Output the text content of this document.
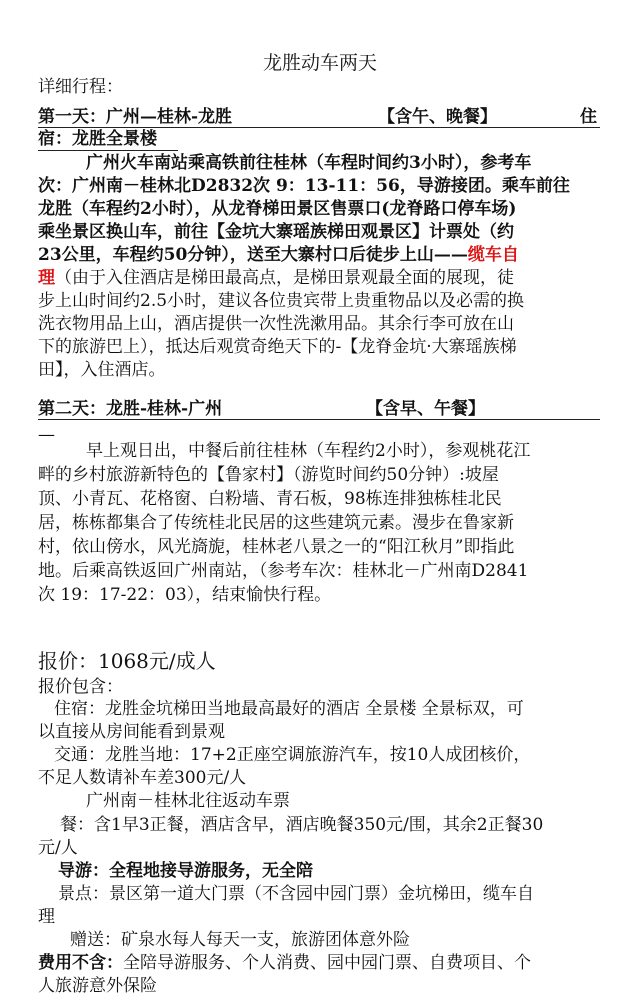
龙胜动车两天
详细行程：
第一天：广州—桂林-龙胜	【含午、晚餐】	住
宿：龙胜全景楼
广州火车南站乘高铁前往桂林（车程时间约3小时），参考车
次：广州南－桂林北D2832次 9：13-11：56，导游接团。乘车前往
龙胜（车程约2小时），从龙脊梯田景区售票口(龙脊路口停车场)
乘坐景区换山车，前往【金坑大寨瑶族梯田观景区】计票处（约
23公里，车程约50分钟），送至大寨村口后徒步上山——缆车自
理（由于入住酒店是梯田最高点，是梯田景观最全面的展现，徒
步上山时间约2.5小时，建议各位贵宾带上贵重物品以及必需的换
洗衣物用品上山，酒店提供一次性洗漱用品。其余行李可放在山
下的旅游巴上），抵达后观赏奇绝天下的-【龙脊金坑·大寨瑶族梯
田】，入住酒店。
第二天：龙胜-桂林-广州	【含早、午餐】
—
早上观日出，中餐后前往桂林（车程约2小时），参观桃花江
畔的乡村旅游新特色的【鲁家村】（游览时间约50分钟）:坡屋
顶、小青瓦、花格窗、白粉墙、青石板，98栋连排独栋桂北民
居，栋栋都集合了传统桂北民居的这些建筑元素。漫步在鲁家新
村，依山傍水，风光旖旎，桂林老八景之一的“阳江秋月”即指此
地。后乘高铁返回广州南站，（参考车次：桂林北－广州南D2841
次 19：17-22：03），结束愉快行程。
报价：1068元/成人
报价包含：
住宿：龙胜金坑梯田当地最高最好的酒店 全景楼 全景标双，可
以直接从房间能看到景观
交通：龙胜当地：17+2正座空调旅游汽车，按10人成团核价，
不足人数请补车差300元/人
广州南－桂林北往返动车票
餐：含1早3正餐，酒店含早，酒店晚餐350元/围，其余2正餐30
元/人
导游：全程地接导游服务，无全陪
景点：景区第一道大门票（不含园中园门票）金坑梯田，缆车自
理
赠送：矿泉水每人每天一支，旅游团体意外险
费用不含：全陪导游服务、个人消费、园中园门票、自费项目、个
人旅游意外保险
